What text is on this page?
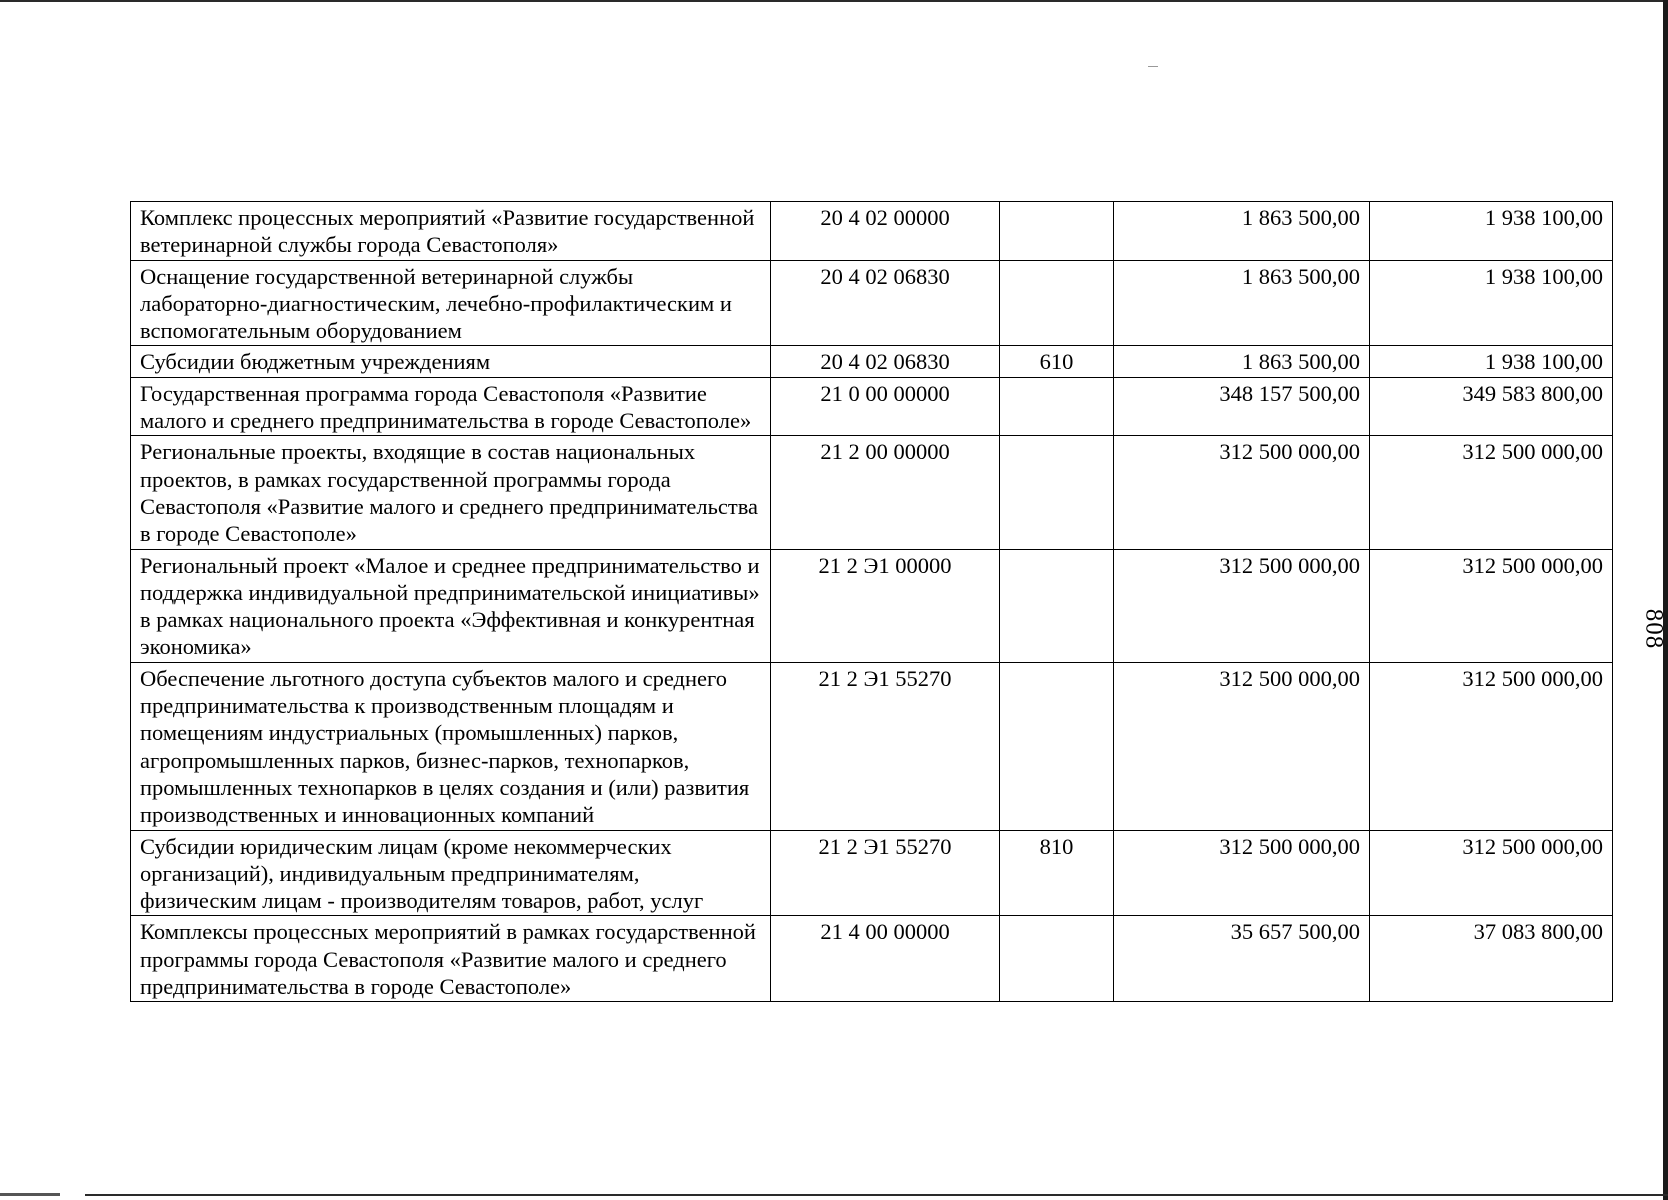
808
Комплекс процессных мероприятий «Развитие государственной ветеринарной службы города Севастополя»	20 4 02 00000		1 863 500,00	1 938 100,00
Оснащение государственной ветеринарной службы лабораторно-диагностическим, лечебно-профилактическим и вспомогательным оборудованием	20 4 02 06830		1 863 500,00	1 938 100,00
Субсидии бюджетным учреждениям	20 4 02 06830	610	1 863 500,00	1 938 100,00
Государственная программа города Севастополя «Развитие малого и среднего предпринимательства в городе Севастополе»	21 0 00 00000		348 157 500,00	349 583 800,00
Региональные проекты, входящие в состав национальных проектов, в рамках государственной программы города Севастополя «Развитие малого и среднего предпринимательства в городе Севастополе»	21 2 00 00000		312 500 000,00	312 500 000,00
Региональный проект «Малое и среднее предпринимательство и поддержка индивидуальной предпринимательской инициативы» в рамках национального проекта «Эффективная и конкурентная экономика»	21 2 Э1 00000		312 500 000,00	312 500 000,00
Обеспечение льготного доступа субъектов малого и среднего предпринимательства к производственным площадям и помещениям индустриальных (промышленных) парков, агропромышленных парков, бизнес-парков, технопарков, промышленных технопарков в целях создания и (или) развития производственных и инновационных компаний	21 2 Э1 55270		312 500 000,00	312 500 000,00
Субсидии юридическим лицам (кроме некоммерческих организаций), индивидуальным предпринимателям, физическим лицам - производителям товаров, работ, услуг	21 2 Э1 55270	810	312 500 000,00	312 500 000,00
Комплексы процессных мероприятий в рамках государственной программы города Севастополя «Развитие малого и среднего предпринимательства в городе Севастополе»	21 4 00 00000		35 657 500,00	37 083 800,00
